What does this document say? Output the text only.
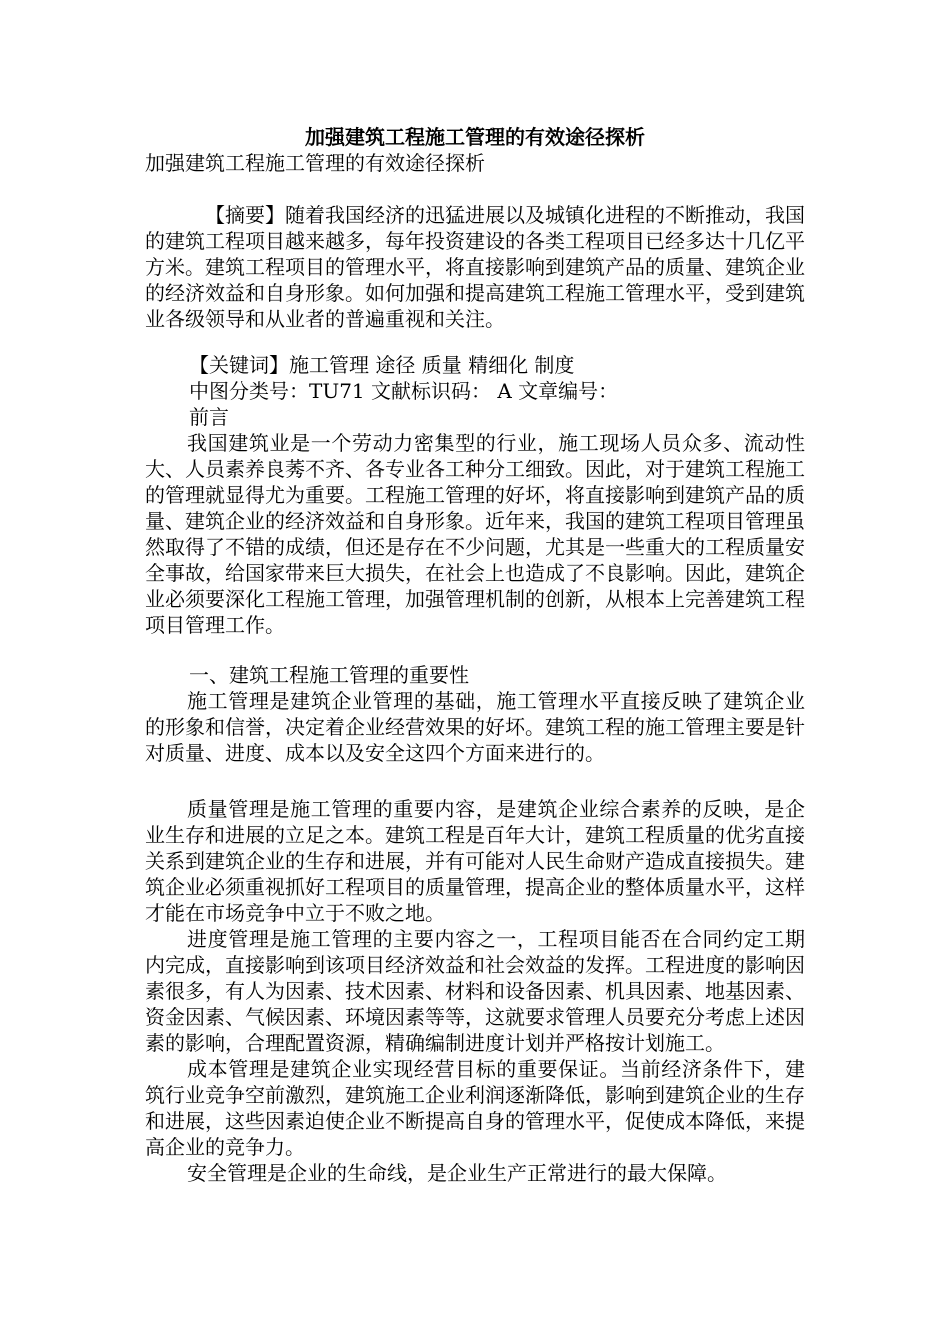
加强建筑工程施工管理的有效途径探析

加强建筑工程施工管理的有效途径探析

【摘要】随着我国经济的迅猛进展以及城镇化进程的不断推动，我国的建筑工程项目越来越多，每年投资建设的各类工程项目已经多达十几亿平方米。建筑工程项目的管理水平，将直接影响到建筑产品的质量、建筑企业的经济效益和自身形象。如何加强和提高建筑工程施工管理水平，受到建筑业各级领导和从业者的普遍重视和关注。

【关键词】施工管理 途径 质量 精细化 制度

中图分类号：TU71 文献标识码： A 文章编号：

前言

我国建筑业是一个劳动力密集型的行业，施工现场人员众多、流动性大、人员素养良莠不齐、各专业各工种分工细致。因此，对于建筑工程施工的管理就显得尤为重要。工程施工管理的好坏，将直接影响到建筑产品的质量、建筑企业的经济效益和自身形象。近年来，我国的建筑工程项目管理虽然取得了不错的成绩，但还是存在不少问题，尤其是一些重大的工程质量安全事故，给国家带来巨大损失，在社会上也造成了不良影响。因此，建筑企业必须要深化工程施工管理，加强管理机制的创新，从根本上完善建筑工程项目管理工作。

一、建筑工程施工管理的重要性

施工管理是建筑企业管理的基础，施工管理水平直接反映了建筑企业的形象和信誉，决定着企业经营效果的好坏。建筑工程的施工管理主要是针对质量、进度、成本以及安全这四个方面来进行的。

质量管理是施工管理的重要内容，是建筑企业综合素养的反映，是企业生存和进展的立足之本。建筑工程是百年大计，建筑工程质量的优劣直接关系到建筑企业的生存和进展，并有可能对人民生命财产造成直接损失。建筑企业必须重视抓好工程项目的质量管理，提高企业的整体质量水平，这样才能在市场竞争中立于不败之地。

进度管理是施工管理的主要内容之一，工程项目能否在合同约定工期内完成，直接影响到该项目经济效益和社会效益的发挥。工程进度的影响因素很多，有人为因素、技术因素、材料和设备因素、机具因素、地基因素、资金因素、气候因素、环境因素等等，这就要求管理人员要充分考虑上述因素的影响，合理配置资源，精确编制进度计划并严格按计划施工。

成本管理是建筑企业实现经营目标的重要保证。当前经济条件下，建筑行业竞争空前激烈，建筑施工企业利润逐渐降低，影响到建筑企业的生存和进展，这些因素迫使企业不断提高自身的管理水平，促使成本降低，来提高企业的竞争力。

安全管理是企业的生命线，是企业生产正常进行的最大保障。
